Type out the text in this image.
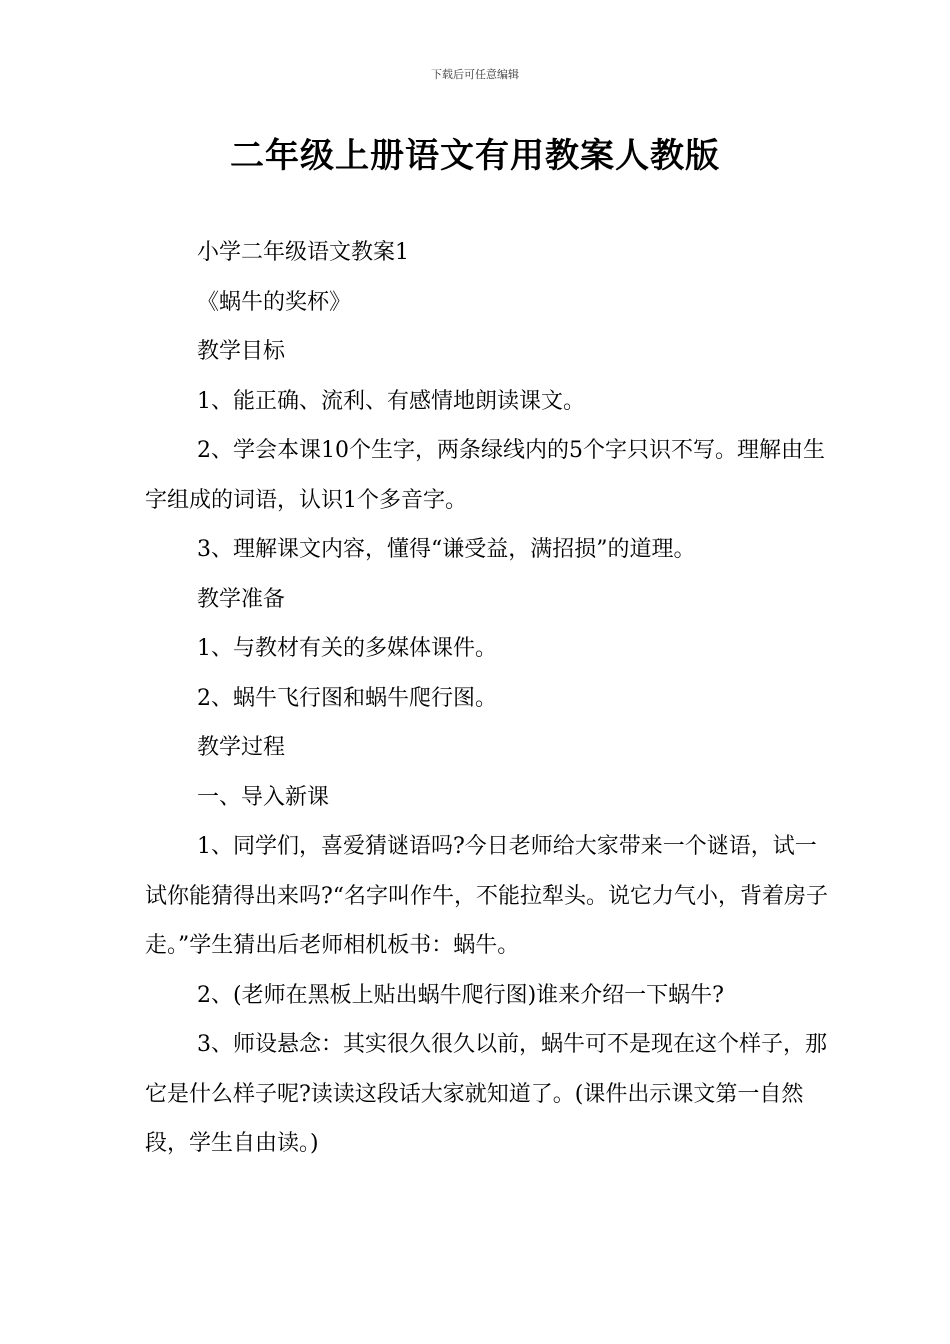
下载后可任意编辑
二年级上册语文有用教案人教版

小学二年级语文教案1

《蜗牛的奖杯》

教学目标

1、能正确、流利、有感情地朗读课文。

2、学会本课10个生字，两条绿线内的5个字只识不写。理解由生字组成的词语，认识1个多音字。

3、理解课文内容，懂得“谦受益，满招损”的道理。

教学准备

1、与教材有关的多媒体课件。

2、蜗牛飞行图和蜗牛爬行图。

教学过程

一、导入新课

1、同学们，喜爱猜谜语吗?今日老师给大家带来一个谜语，试一试你能猜得出来吗?“名字叫作牛，不能拉犁头。说它力气小，背着房子走。”学生猜出后老师相机板书：蜗牛。

2、(老师在黑板上贴出蜗牛爬行图)谁来介绍一下蜗牛?

3、师设悬念：其实很久很久以前，蜗牛可不是现在这个样子，那它是什么样子呢?读读这段话大家就知道了。(课件出示课文第一自然段，学生自由读。)
